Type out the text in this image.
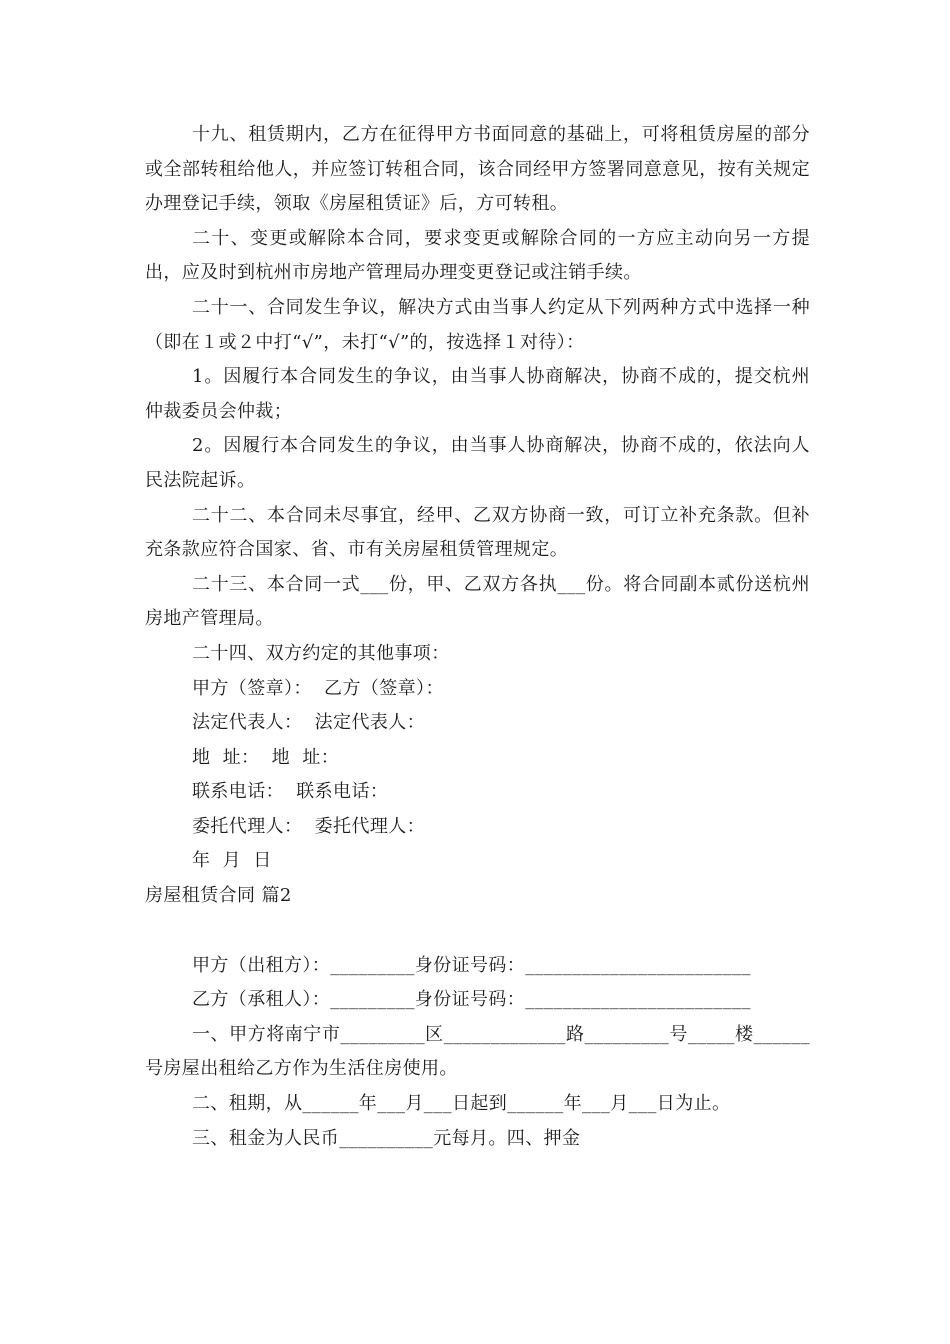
十九、租赁期内，乙方在征得甲方书面同意的基础上，可将租赁房屋的部分或全部转租给他人，并应签订转租合同，该合同经甲方签署同意意见，按有关规定办理登记手续，领取《房屋租赁证》后，方可转租。

二十、变更或解除本合同，要求变更或解除合同的一方应主动向另一方提出，应及时到杭州市房地产管理局办理变更登记或注销手续。

二十一、合同发生争议，解决方式由当事人约定从下列两种方式中选择一种（即在１或２中打“√”，未打“√”的，按选择１对待）：

1。因履行本合同发生的争议，由当事人协商解决，协商不成的，提交杭州仲裁委员会仲裁；

2。因履行本合同发生的争议，由当事人协商解决，协商不成的，依法向人民法院起诉。

二十二、本合同未尽事宜，经甲、乙双方协商一致，可订立补充条款。但补充条款应符合国家、省、市有关房屋租赁管理规定。

二十三、本合同一式___份，甲、乙双方各执___份。将合同副本贰份送杭州房地产管理局。

二十四、双方约定的其他事项：

甲方（签章）：  乙方（签章）：

法定代表人：  法定代表人：

地  址：  地  址：

联系电话：  联系电话：

委托代理人：  委托代理人：

年  月  日

房屋租赁合同 篇2

甲方（出租方）：_________身份证号码：________________________

乙方（承租人）：_________身份证号码：________________________

一、甲方将南宁市_________区_____________路_________号_____楼______号房屋出租给乙方作为生活住房使用。

二、租期，从______年___月___日起到______年___月___日为止。

三、租金为人民币__________元每月。四、押金
